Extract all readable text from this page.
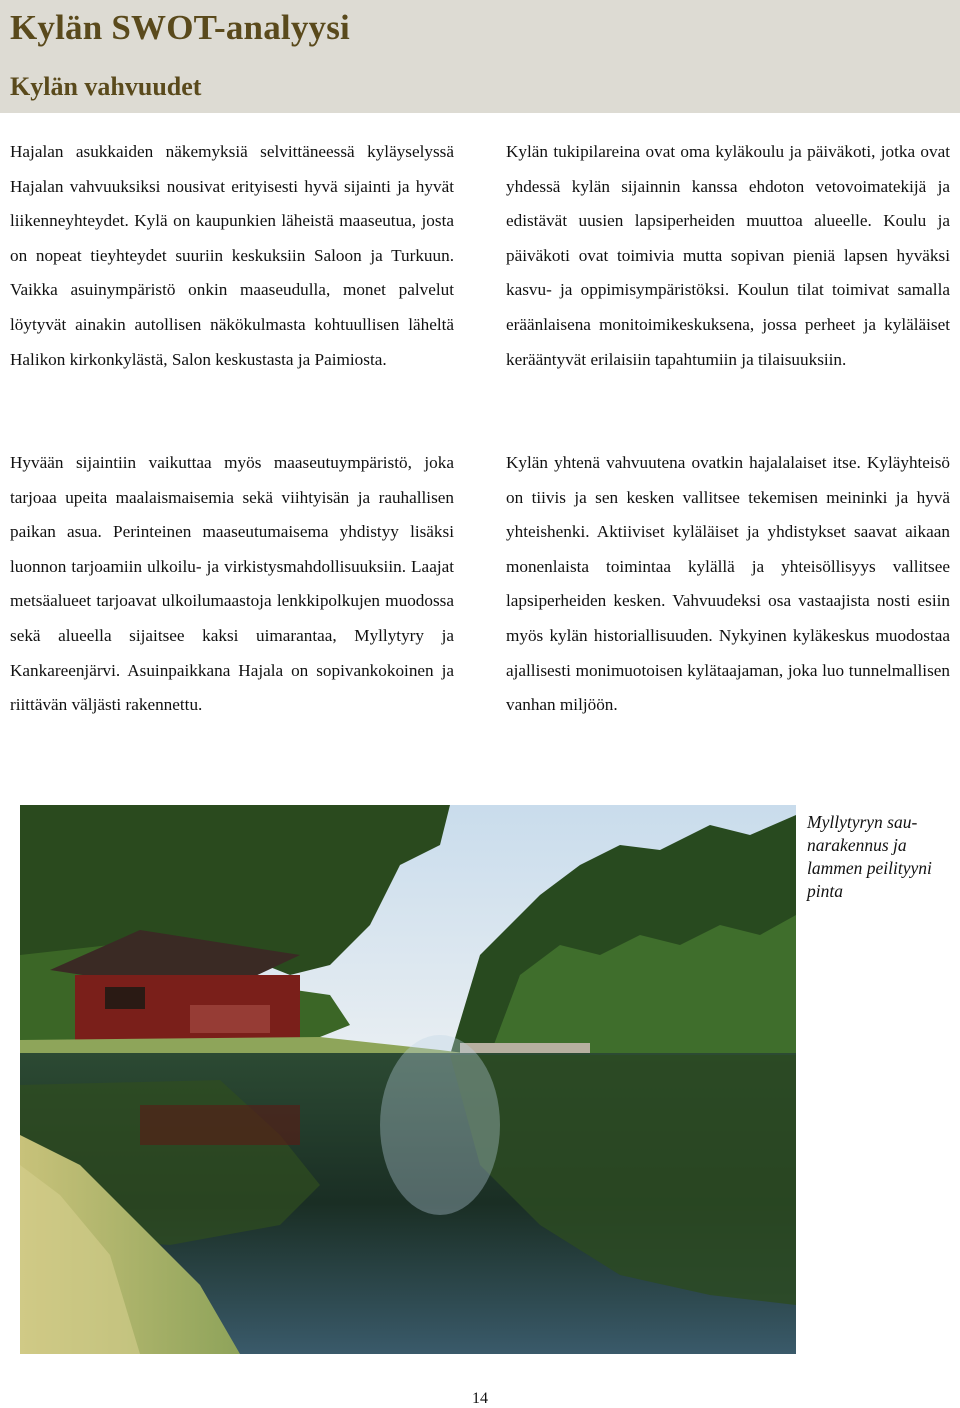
Kylän SWOT-analyysi
Kylän vahvuudet

Hajalan asukkaiden näkemyksiä selvittäneessä kyläyselyssä Hajalan vahvuuksiksi nousivat erityisesti hyvä sijainti ja hyvät liikenneyhteydet. Kylä on kaupunkien läheistä maaseutua, josta on nopeat tieyhteydet suuriin keskuksiin Saloon ja Turkuun. Vaikka asuinympäristö onkin maaseudulla, monet palvelut löytyvät ainakin autollisen näkökulmasta kohtuullisen läheltä Halikon kirkonkylästä, Salon keskustasta ja Paimiosta.

Kylän tukipilareina ovat oma kyläkoulu ja päiväkoti, jotka ovat yhdessä kylän sijainnin kanssa ehdoton vetovoimatekijä ja edistävät uusien lapsiperheiden muuttoa alueelle. Koulu ja päiväkoti ovat toimivia mutta sopivan pieniä lapsen hyväksi kasvu- ja oppimisympäristöksi. Koulun tilat toimivat samalla eräänlaisena monitoimikeskuksena, jossa perheet ja kyläläiset kerääntyvät erilaisiin tapahtumiin ja tilaisuuksiin.

Hyvään sijaintiin vaikuttaa myös maaseutuympäristö, joka tarjoaa upeita maalaismaisemia sekä viihtyisän ja rauhallisen paikan asua. Perinteinen maaseutumaisema yhdistyy lisäksi luonnon tarjoamiin ulkoilu- ja virkistysmahdollisuuksiin. Laajat metsäalueet tarjoavat ulkoilumaastoja lenkkipolkujen muodossa sekä alueella sijaitsee kaksi uimarantaa, Myllytyry ja Kankareenjärvi. Asuinpaikkana Hajala on sopivankokoinen ja riittävän väljästi rakennettu.

Kylän yhtenä vahvuutena ovatkin hajalalaiset itse. Kyläyhteisö on tiivis ja sen kesken vallitsee tekemisen meininki ja hyvä yhteishenki. Aktiiviset kyläläiset ja yhdistykset saavat aikaan monenlaista toimintaa kylällä ja yhteisöllisyys vallitsee lapsiperheiden kesken. Vahvuudeksi osa vastaajista nosti esiin myös kylän historiallisuuden. Nykyinen kyläkeskus muodostaa ajallisesti monimuotoisen kylätaajaman, joka luo tunnelmallisen vanhan miljöön.

Myllytyryn saunarakennus ja lammen peilityyni pinta

14
